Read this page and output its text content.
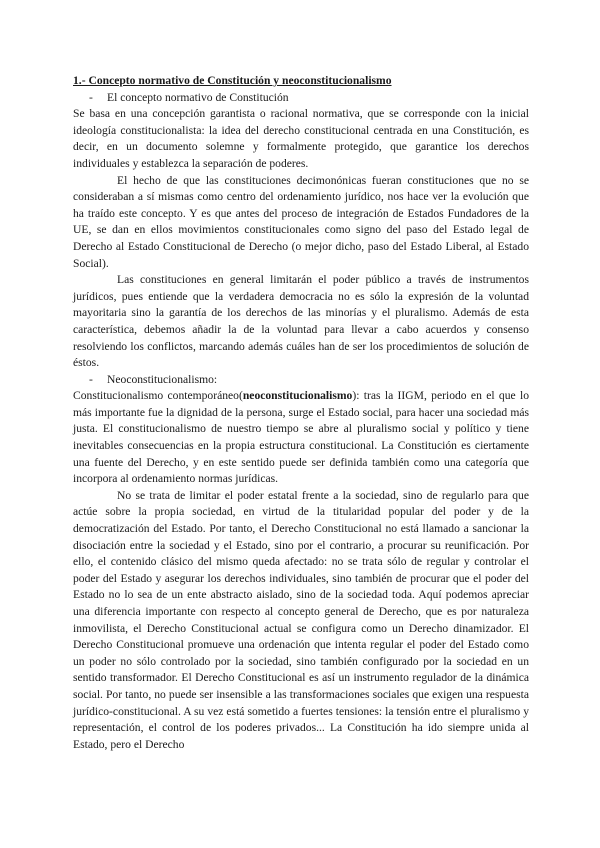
1.- Concepto normativo de Constitución y neoconstitucionalismo

- El concepto normativo de Constitución

Se basa en una concepción garantista o racional normativa, que se corresponde con la inicial ideología constitucionalista: la idea del derecho constitucional centrada en una Constitución, es decir, en un documento solemne y formalmente protegido, que garantice los derechos individuales y establezca la separación de poderes.

El hecho de que las constituciones decimonónicas fueran constituciones que no se consideraban a sí mismas como centro del ordenamiento jurídico, nos hace ver la evolución que ha traído este concepto. Y es que antes del proceso de integración de Estados Fundadores de la UE, se dan en ellos movimientos constitucionales como signo del paso del Estado legal de Derecho al Estado Constitucional de Derecho (o mejor dicho, paso del Estado Liberal, al Estado Social).

Las constituciones en general limitarán el poder público a través de instrumentos jurídicos, pues entiende que la verdadera democracia no es sólo la expresión de la voluntad mayoritaria sino la garantía de los derechos de las minorías y el pluralismo. Además de esta característica, debemos añadir la de la voluntad para llevar a cabo acuerdos y consenso resolviendo los conflictos, marcando además cuáles han de ser los procedimientos de solución de éstos.

- Neoconstitucionalismo:

Constitucionalismo contemporáneo(neoconstitucionalismo): tras la IIGM, periodo en el que lo más importante fue la dignidad de la persona, surge el Estado social, para hacer una sociedad más justa. El constitucionalismo de nuestro tiempo se abre al pluralismo social y político y tiene inevitables consecuencias en la propia estructura constitucional. La Constitución es ciertamente una fuente del Derecho, y en este sentido puede ser definida también como una categoría que incorpora al ordenamiento normas jurídicas.

No se trata de limitar el poder estatal frente a la sociedad, sino de regularlo para que actúe sobre la propia sociedad, en virtud de la titularidad popular del poder y de la democratización del Estado. Por tanto, el Derecho Constitucional no está llamado a sancionar la disociación entre la sociedad y el Estado, sino por el contrario, a procurar su reunificación. Por ello, el contenido clásico del mismo queda afectado: no se trata sólo de regular y controlar el poder del Estado y asegurar los derechos individuales, sino también de procurar que el poder del Estado no lo sea de un ente abstracto aislado, sino de la sociedad toda. Aquí podemos apreciar una diferencia importante con respecto al concepto general de Derecho, que es por naturaleza inmovilista, el Derecho Constitucional actual se configura como un Derecho dinamizador. El Derecho Constitucional promueve una ordenación que intenta regular el poder del Estado como un poder no sólo controlado por la sociedad, sino también configurado por la sociedad en un sentido transformador. El Derecho Constitucional es así un instrumento regulador de la dinámica social. Por tanto, no puede ser insensible a las transformaciones sociales que exigen una respuesta jurídico-constitucional. A su vez está sometido a fuertes tensiones: la tensión entre el pluralismo y representación, el control de los poderes privados... La Constitución ha ido siempre unida al Estado, pero el Derecho
